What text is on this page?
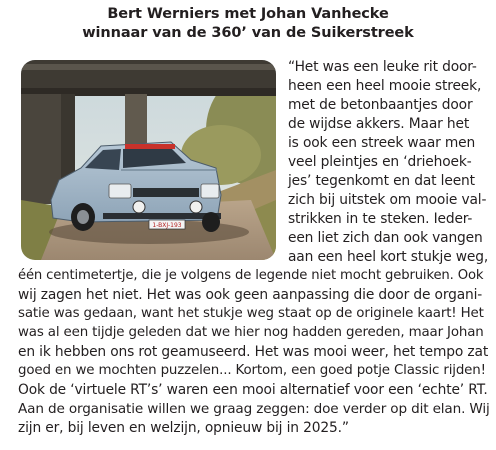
Bert Werniers met Johan Vanhecke
winnaar van de 360’ van de Suikerstreek
1-BXJ-193

“Het was een leuke rit door-

heen een heel mooie streek,

met de betonbaantjes door

de wijdse akkers. Maar het

is ook een streek waar men

veel pleintjes en ‘driehoek-

jes’ tegenkomt en dat leent

zich bij uitstek om mooie val-

strikken in te steken. Ieder-

een liet zich dan ook vangen

aan een heel kort stukje weg,

één centimetertje, die je volgens de legende niet mocht gebruiken. Ook

wij zagen het niet. Het was ook geen aanpassing die door de organi-

satie was gedaan, want het stukje weg staat op de originele kaart! Het

was al een tijdje geleden dat we hier nog hadden gereden, maar Johan

en ik hebben ons rot geamuseerd. Het was mooi weer, het tempo zat

goed en we mochten puzzelen... Kortom, een goed potje Classic rijden!

Ook de ‘virtuele RT’s’ waren een mooi alternatief voor een ‘echte’ RT.

Aan de organisatie willen we graag zeggen: doe verder op dit elan. Wij

zijn er, bij leven en welzijn, opnieuw bij in 2025.”
